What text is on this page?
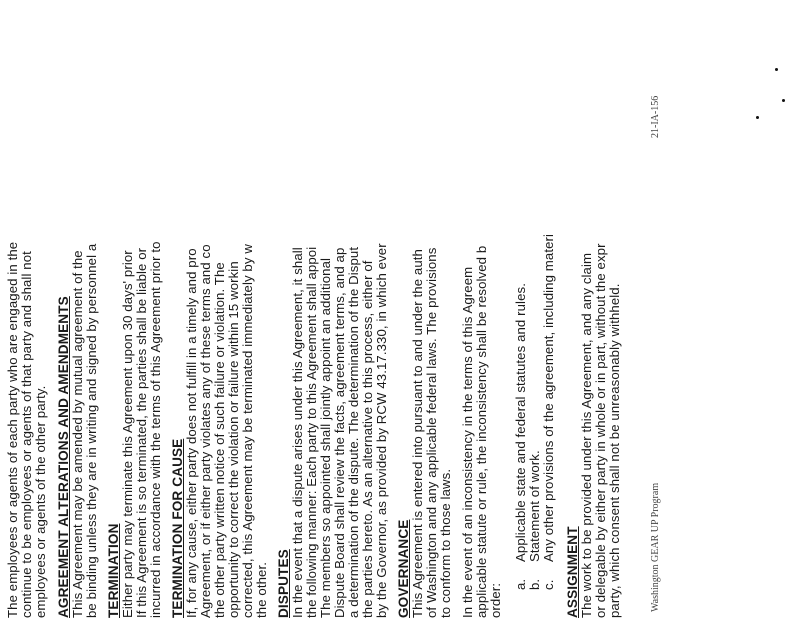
The employees or agents of each party who are engaged in the continue to be employees or agents of that party and shall not employees or agents of the other party. AGREEMENT ALTERATIONS AND AMENDMENTS This Agreement may be amended by mutual agreement of the be binding unless they are in writing and signed by personnel a TERMINATION Either party may terminate this Agreement upon 30 days' prior If this Agreement is so terminated, the parties shall be liable or incurred in accordance with the terms of this Agreement prior to TERMINATION FOR CAUSE If, for any cause, either party does not fulfill in a timely and pro Agreement, or if either party violates any of these terms and co the other party written notice of such failure or violation. The opportunity to correct the violation or failure within 15 workin corrected, this Agreement may be terminated immediately by w the other. DISPUTES In the event that a dispute arises under this Agreement, it shall the following manner: Each party to this Agreement shall appoi The members so appointed shall jointly appoint an additional Dispute Board shall review the facts, agreement terms, and ap a determination of the dispute. The determination of the Disput the parties hereto. As an alternative to this process, either of by the Governor, as provided by RCW 43.17.330, in which ever GOVERNANCE This Agreement is entered into pursuant to and under the auth of Washington and any applicable federal laws. The provisions to conform to those laws. In the event of an inconsistency in the terms of this Agreem applicable statute or rule, the inconsistency shall be resolved b order: a.
Applicable state and federal statutes and rules.
b.
Statement of work.
c.
Any other provisions of the agreement, including materi
ASSIGNMENT The work to be provided under this Agreement, and any claim or delegable by either party in whole or in part, without the expr party, which consent shall not be unreasonably withheld.	Washington GEAR UP Program
21-IA-156
